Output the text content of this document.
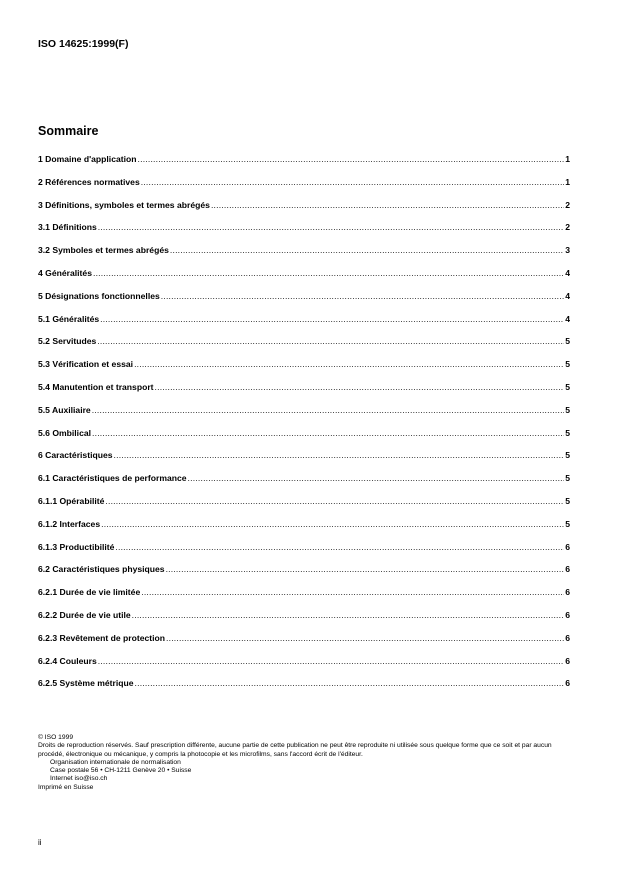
ISO 14625:1999(F)
Sommaire
1 Domaine d'application .....	1
2 Références normatives .....	1
3 Définitions, symboles et termes abrégés .....	2
3.1 Définitions .....	2
3.2 Symboles et termes abrégés .....	3
4 Généralités .....	4
5 Désignations fonctionnelles .....	4
5.1 Généralités .....	4
5.2 Servitudes .....	5
5.3 Vérification et essai .....	5
5.4 Manutention et transport .....	5
5.5 Auxiliaire .....	5
5.6 Ombilical .....	5
6 Caractéristiques .....	5
6.1 Caractéristiques de performance .....	5
6.1.1 Opérabilité .....	5
6.1.2 Interfaces .....	5
6.1.3 Productibilité .....	6
6.2 Caractéristiques physiques .....	6
6.2.1 Durée de vie limitée .....	6
6.2.2 Durée de vie utile .....	6
6.2.3 Revêtement de protection .....	6
6.2.4 Couleurs .....	6
6.2.5 Système métrique .....	6

© ISO 1999

Droits de reproduction réservés. Sauf prescription différente, aucune partie de cette publication ne peut être reproduite ni utilisée sous quelque forme que ce soit et par aucun procédé, électronique ou mécanique, y compris la photocopie et les microfilms, sans l'accord écrit de l'éditeur.

Organisation internationale de normalisation

Case postale 56 • CH-1211 Genève 20 • Suisse

Internet iso@iso.ch

Imprimé en Suisse

ii
